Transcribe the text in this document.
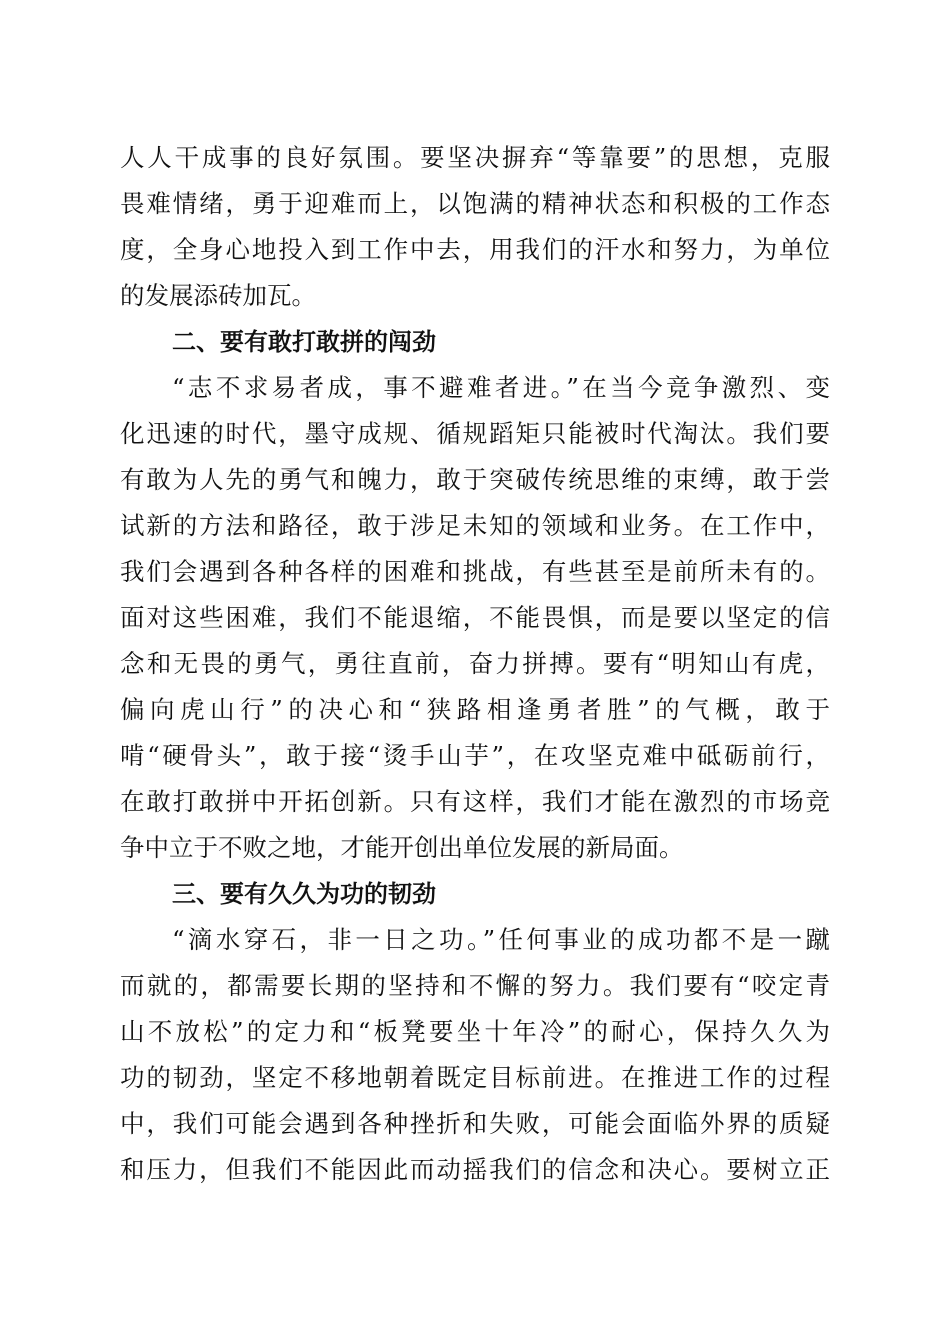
人人干成事的良好氛围。要坚决摒弃“等靠要”的思想，克服
畏难情绪，勇于迎难而上，以饱满的精神状态和积极的工作态
度，全身心地投入到工作中去，用我们的汗水和努力，为单位
的发展添砖加瓦。
二、要有敢打敢拼的闯劲
“志不求易者成，事不避难者进。”在当今竞争激烈、变
化迅速的时代，墨守成规、循规蹈矩只能被时代淘汰。我们要
有敢为人先的勇气和魄力，敢于突破传统思维的束缚，敢于尝
试新的方法和路径，敢于涉足未知的领域和业务。在工作中，
我们会遇到各种各样的困难和挑战，有些甚至是前所未有的。
面对这些困难，我们不能退缩，不能畏惧，而是要以坚定的信
念和无畏的勇气，勇往直前，奋力拼搏。要有“明知山有虎，
偏向虎山行”的决心和“狭路相逢勇者胜”的气概，敢于
啃“硬骨头”，敢于接“烫手山芋”，在攻坚克难中砥砺前行，
在敢打敢拼中开拓创新。只有这样，我们才能在激烈的市场竞
争中立于不败之地，才能开创出单位发展的新局面。
三、要有久久为功的韧劲
“滴水穿石，非一日之功。”任何事业的成功都不是一蹴
而就的，都需要长期的坚持和不懈的努力。我们要有“咬定青
山不放松”的定力和“板凳要坐十年冷”的耐心，保持久久为
功的韧劲，坚定不移地朝着既定目标前进。在推进工作的过程
中，我们可能会遇到各种挫折和失败，可能会面临外界的质疑
和压力，但我们不能因此而动摇我们的信念和决心。要树立正
